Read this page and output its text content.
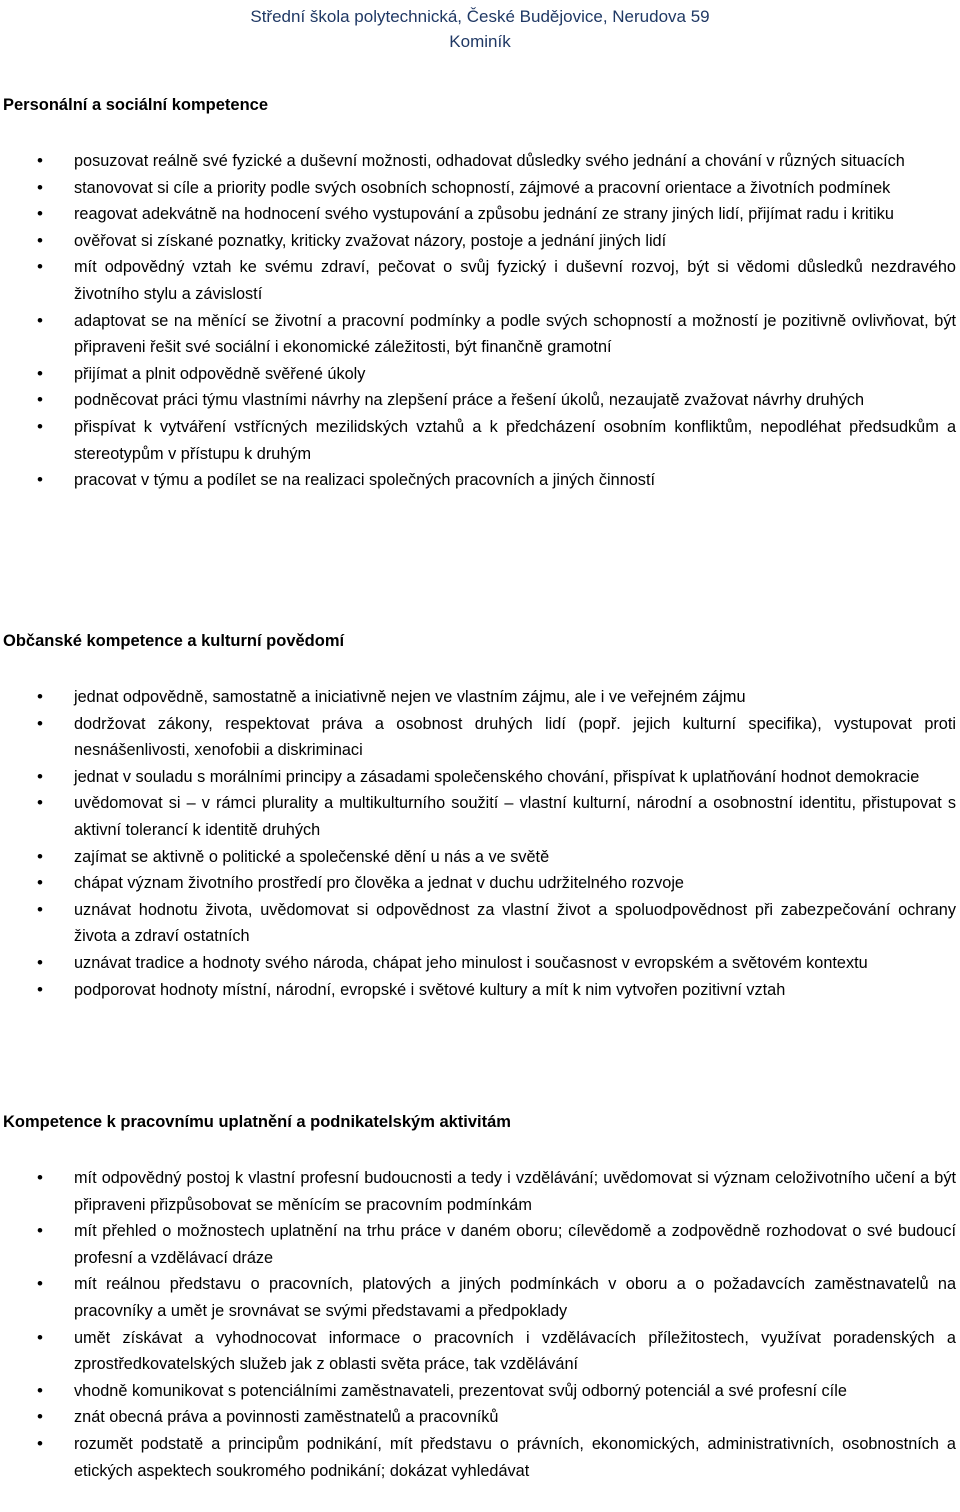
Střední škola polytechnická, České Budějovice, Nerudova 59
Kominík
Personální a sociální kompetence
• posuzovat reálně své fyzické a duševní možnosti, odhadovat důsledky svého jednání a chování v různých situacích
• stanovovat si cíle a priority podle svých osobních schopností, zájmové a pracovní orientace a životních podmínek
• reagovat adekvátně na hodnocení svého vystupování a způsobu jednání ze strany jiných lidí, přijímat radu i kritiku
• ověřovat si získané poznatky, kriticky zvažovat názory, postoje a jednání jiných lidí
• mít odpovědný vztah ke svému zdraví, pečovat o svůj fyzický i duševní rozvoj, být si vědomi důsledků nezdravého životního stylu a závislostí
• adaptovat se na měnící se životní a pracovní podmínky a podle svých schopností a možností je pozitivně ovlivňovat, být připraveni řešit své sociální i ekonomické záležitosti, být finančně gramotní
• přijímat a plnit odpovědně svěřené úkoly
• podněcovat práci týmu vlastními návrhy na zlepšení práce a řešení úkolů, nezaujatě zvažovat návrhy druhých
• přispívat k vytváření vstřícných mezilidských vztahů a k předcházení osobním konfliktům, nepodléhat předsudkům a stereotypům v přístupu k druhým
• pracovat v týmu a podílet se na realizaci společných pracovních a jiných činností
Občanské kompetence a kulturní povědomí
• jednat odpovědně, samostatně a iniciativně nejen ve vlastním zájmu, ale i ve veřejném zájmu
• dodržovat zákony, respektovat práva a osobnost druhých lidí (popř. jejich kulturní specifika), vystupovat proti nesnášenlivosti, xenofobii a diskriminaci
• jednat v souladu s morálními principy a zásadami společenského chování, přispívat k uplatňování hodnot demokracie
• uvědomovat si – v rámci plurality a multikulturního soužití – vlastní kulturní, národní a osobnostní identitu, přistupovat s aktivní tolerancí k identitě druhých
• zajímat se aktivně o politické a společenské dění u nás a ve světě
• chápat význam životního prostředí pro člověka a jednat v duchu udržitelného rozvoje
• uznávat hodnotu života, uvědomovat si odpovědnost za vlastní život a spoluodpovědnost při zabezpečování ochrany života a zdraví ostatních
• uznávat tradice a hodnoty svého národa, chápat jeho minulost i současnost v evropském a světovém kontextu
• podporovat hodnoty místní, národní, evropské i světové kultury a mít k nim vytvořen pozitivní vztah
Kompetence k pracovnímu uplatnění a podnikatelským aktivitám
• mít odpovědný postoj k vlastní profesní budoucnosti a tedy i vzdělávání; uvědomovat si význam celoživotního učení a být připraveni přizpůsobovat se měnícím se pracovním podmínkám
• mít přehled o možnostech uplatnění na trhu práce v daném oboru; cílevědomě a zodpovědně rozhodovat o své budoucí profesní a vzdělávací dráze
• mít reálnou představu o pracovních, platových a jiných podmínkách v oboru a o požadavcích zaměstnavatelů na pracovníky a umět je srovnávat se svými představami a předpoklady
• umět získávat a vyhodnocovat informace o pracovních i vzdělávacích příležitostech, využívat poradenských a zprostředkovatelských služeb jak z oblasti světa práce, tak vzdělávání
• vhodně komunikovat s potenciálními zaměstnavateli, prezentovat svůj odborný potenciál a své profesní cíle
• znát obecná práva a povinnosti zaměstnatelů a pracovníků
• rozumět podstatě a principům podnikání, mít představu o právních, ekonomických, administrativních, osobnostních a etických aspektech soukromého podnikání; dokázat vyhledávat
